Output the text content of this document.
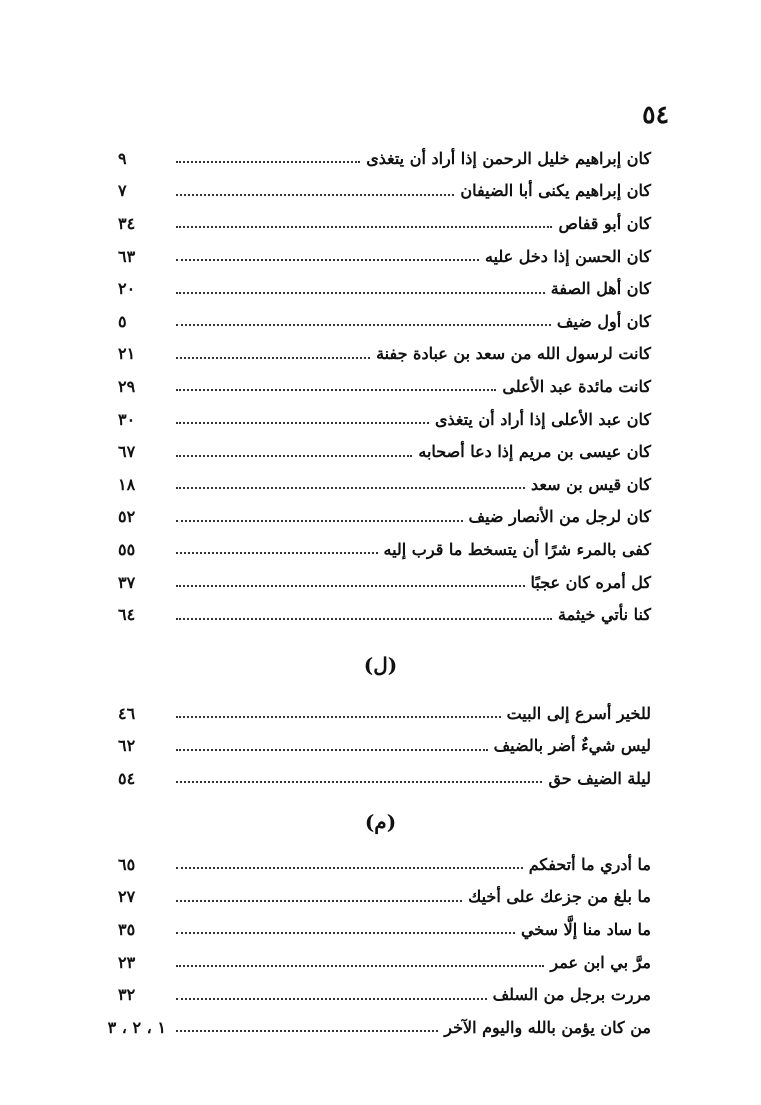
٥٤
كان إبراهيم خليل الرحمن إذا أراد أن يتغذى
٩
كان إبراهيم يكنى أبا الضيفان
٧
كان أبو قفاص
٣٤
كان الحسن إذا دخل عليه
٦٣
كان أهل الصفة
٢٠
كان أول ضيف
٥
كانت لرسول الله من سعد بن عبادة جفنة
٢١
كانت مائدة عبد الأعلى
٢٩
كان عبد الأعلى إذا أراد أن يتغذى
٣٠
كان عيسى بن مريم إذا دعا أصحابه
٦٧
كان قيس بن سعد
١٨
كان لرجل من الأنصار ضيف
٥٢
كفى بالمرء شرًا أن يتسخط ما قرب إليه
٥٥
كل أمره كان عجبًا
٣٧
كنا نأتي خيثمة
٦٤
(ل)
للخير أسرع إلى البيت
٤٦
ليس شيءٌ أضر بالضيف
٦٢
ليلة الضيف حق
٥٤
(م)
ما أدري ما أتحفكم
٦٥
ما بلغ من جزعك على أخيك
٢٧
ما ساد منا إلَّا سخي
٣٥
مرَّ بي ابن عمر
٢٣
مررت برجل من السلف
٣٢
من كان يؤمن بالله واليوم الآخر
١ ، ٢ ، ٣
